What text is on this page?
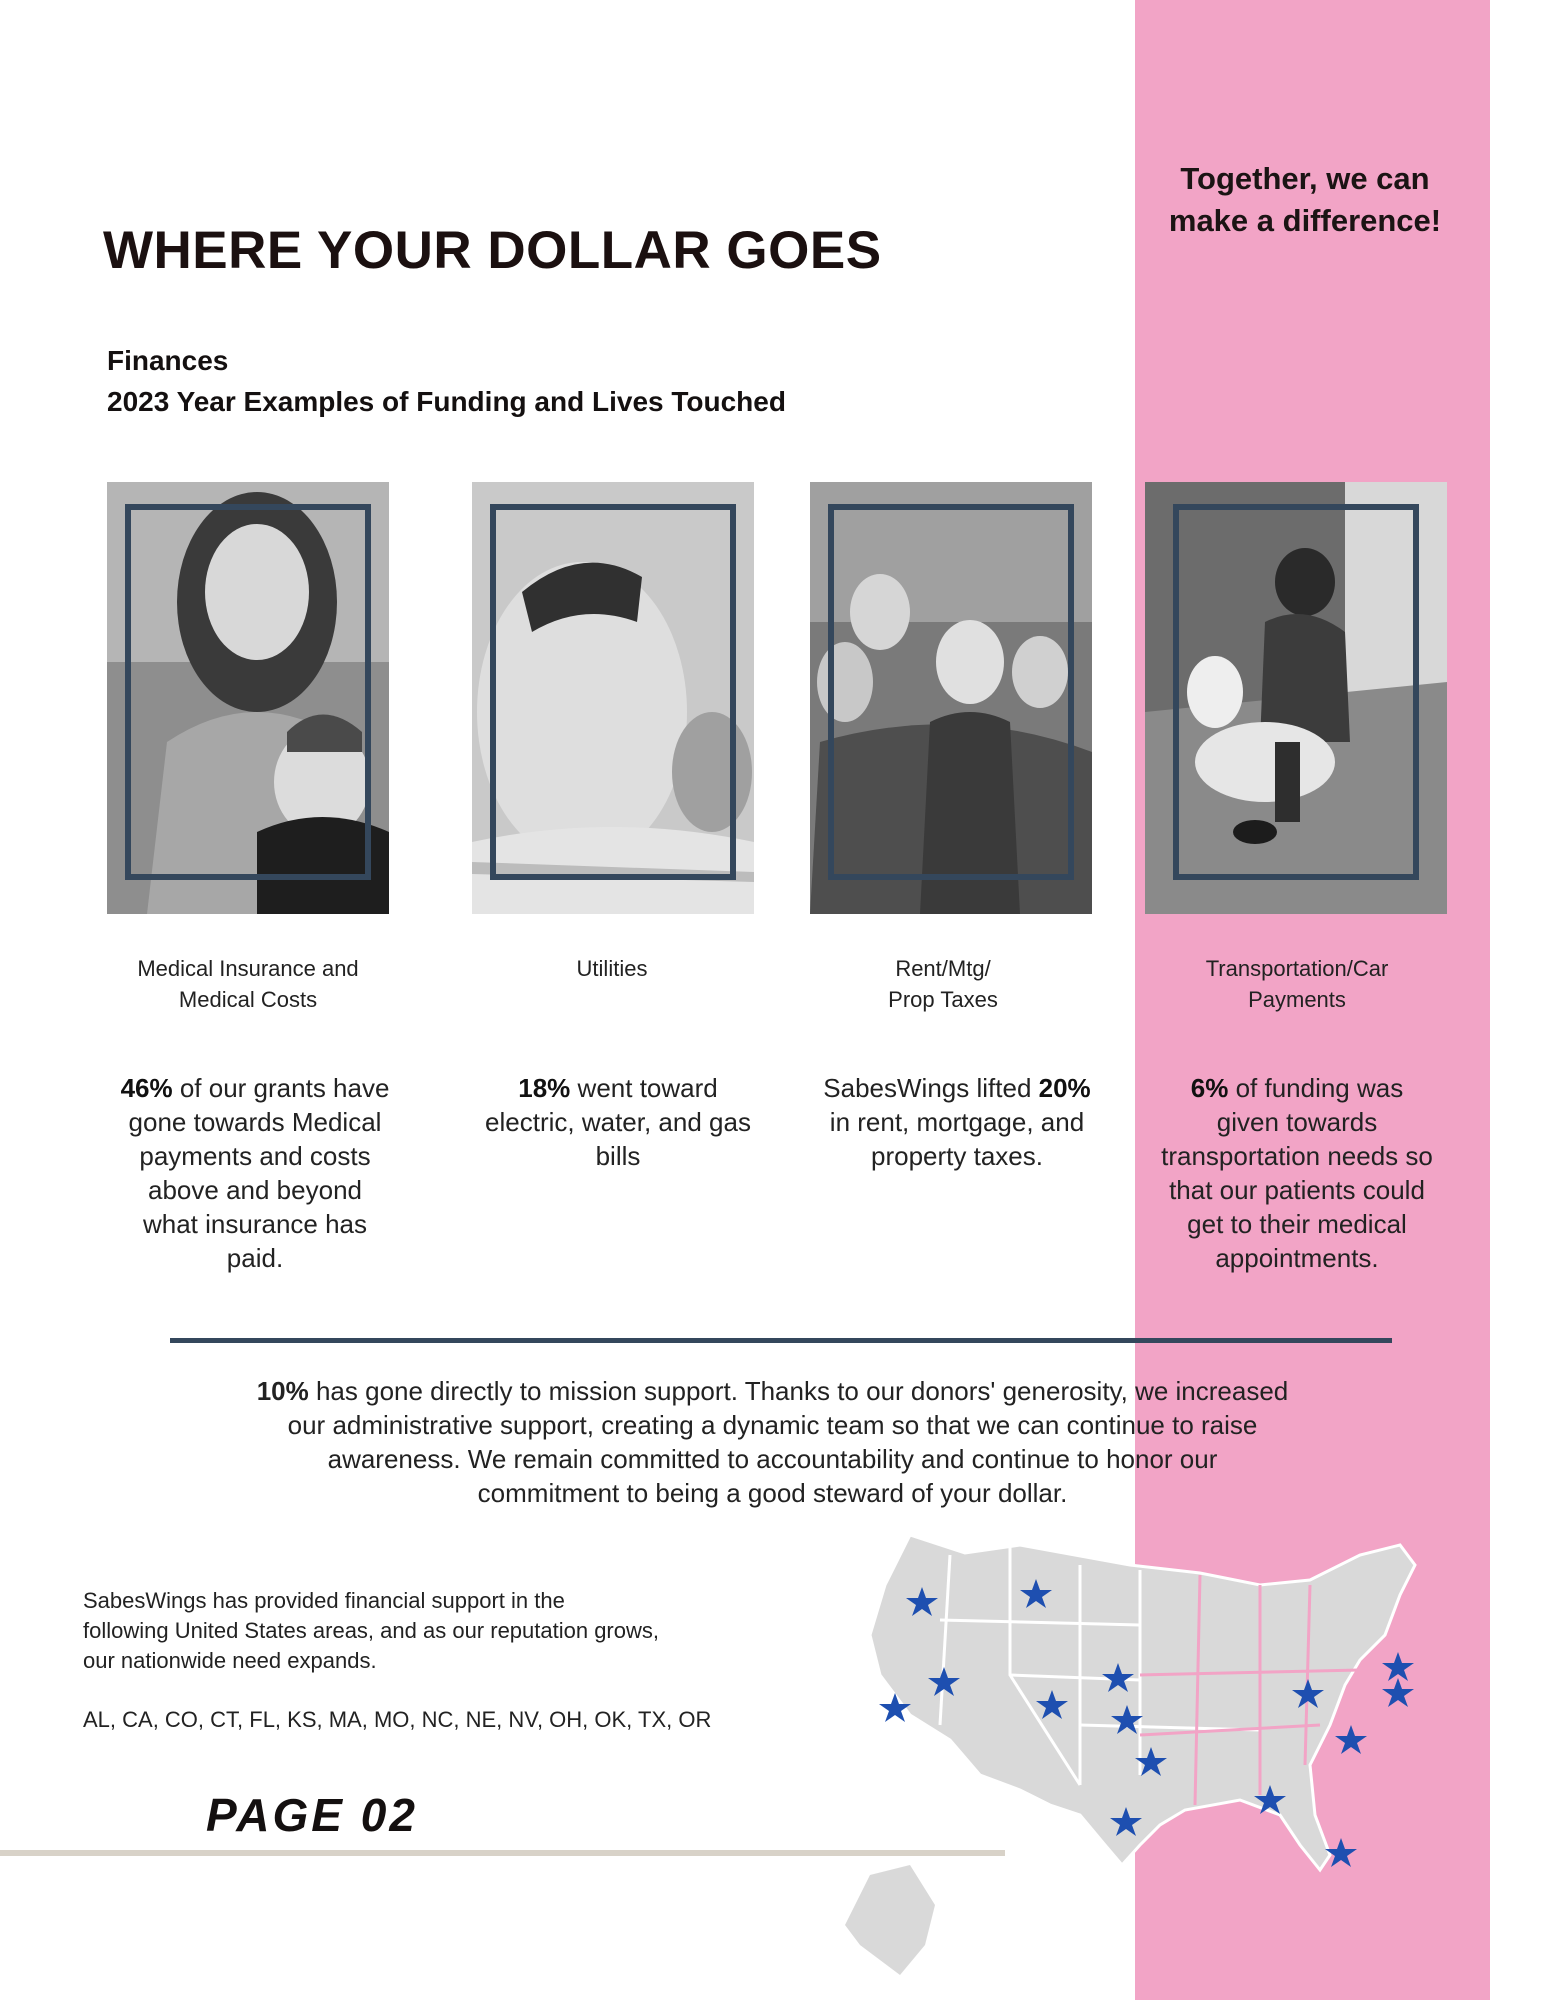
Together, we can make a difference!
WHERE YOUR DOLLAR GOES
Finances
2023 Year Examples of Funding and Lives Touched
Medical Insurance and
Medical Costs
Utilities	Rent/Mtg/
Prop Taxes
Transportation/Car
Payments
46% of our grants have
gone towards Medical
payments and costs
above and beyond
what insurance has
paid.
18% went toward
electric, water, and gas
bills
SabesWings lifted 20%
in rent, mortgage, and
property taxes.
6% of funding was
given towards
transportation needs so
that our patients could
get to their medical
appointments.
10% has gone directly to mission support. Thanks to our donors' generosity, we increased
our administrative support, creating a dynamic team so that we can continue to raise
awareness. We remain committed to accountability and continue to honor our
commitment to being a good steward of your dollar.
SabesWings has provided financial support in the
following United States areas, and as our reputation grows,
our nationwide need expands.
AL, CA, CO, CT, FL, KS, MA, MO, NC, NE, NV, OH, OK, TX, OR
PAGE 02
